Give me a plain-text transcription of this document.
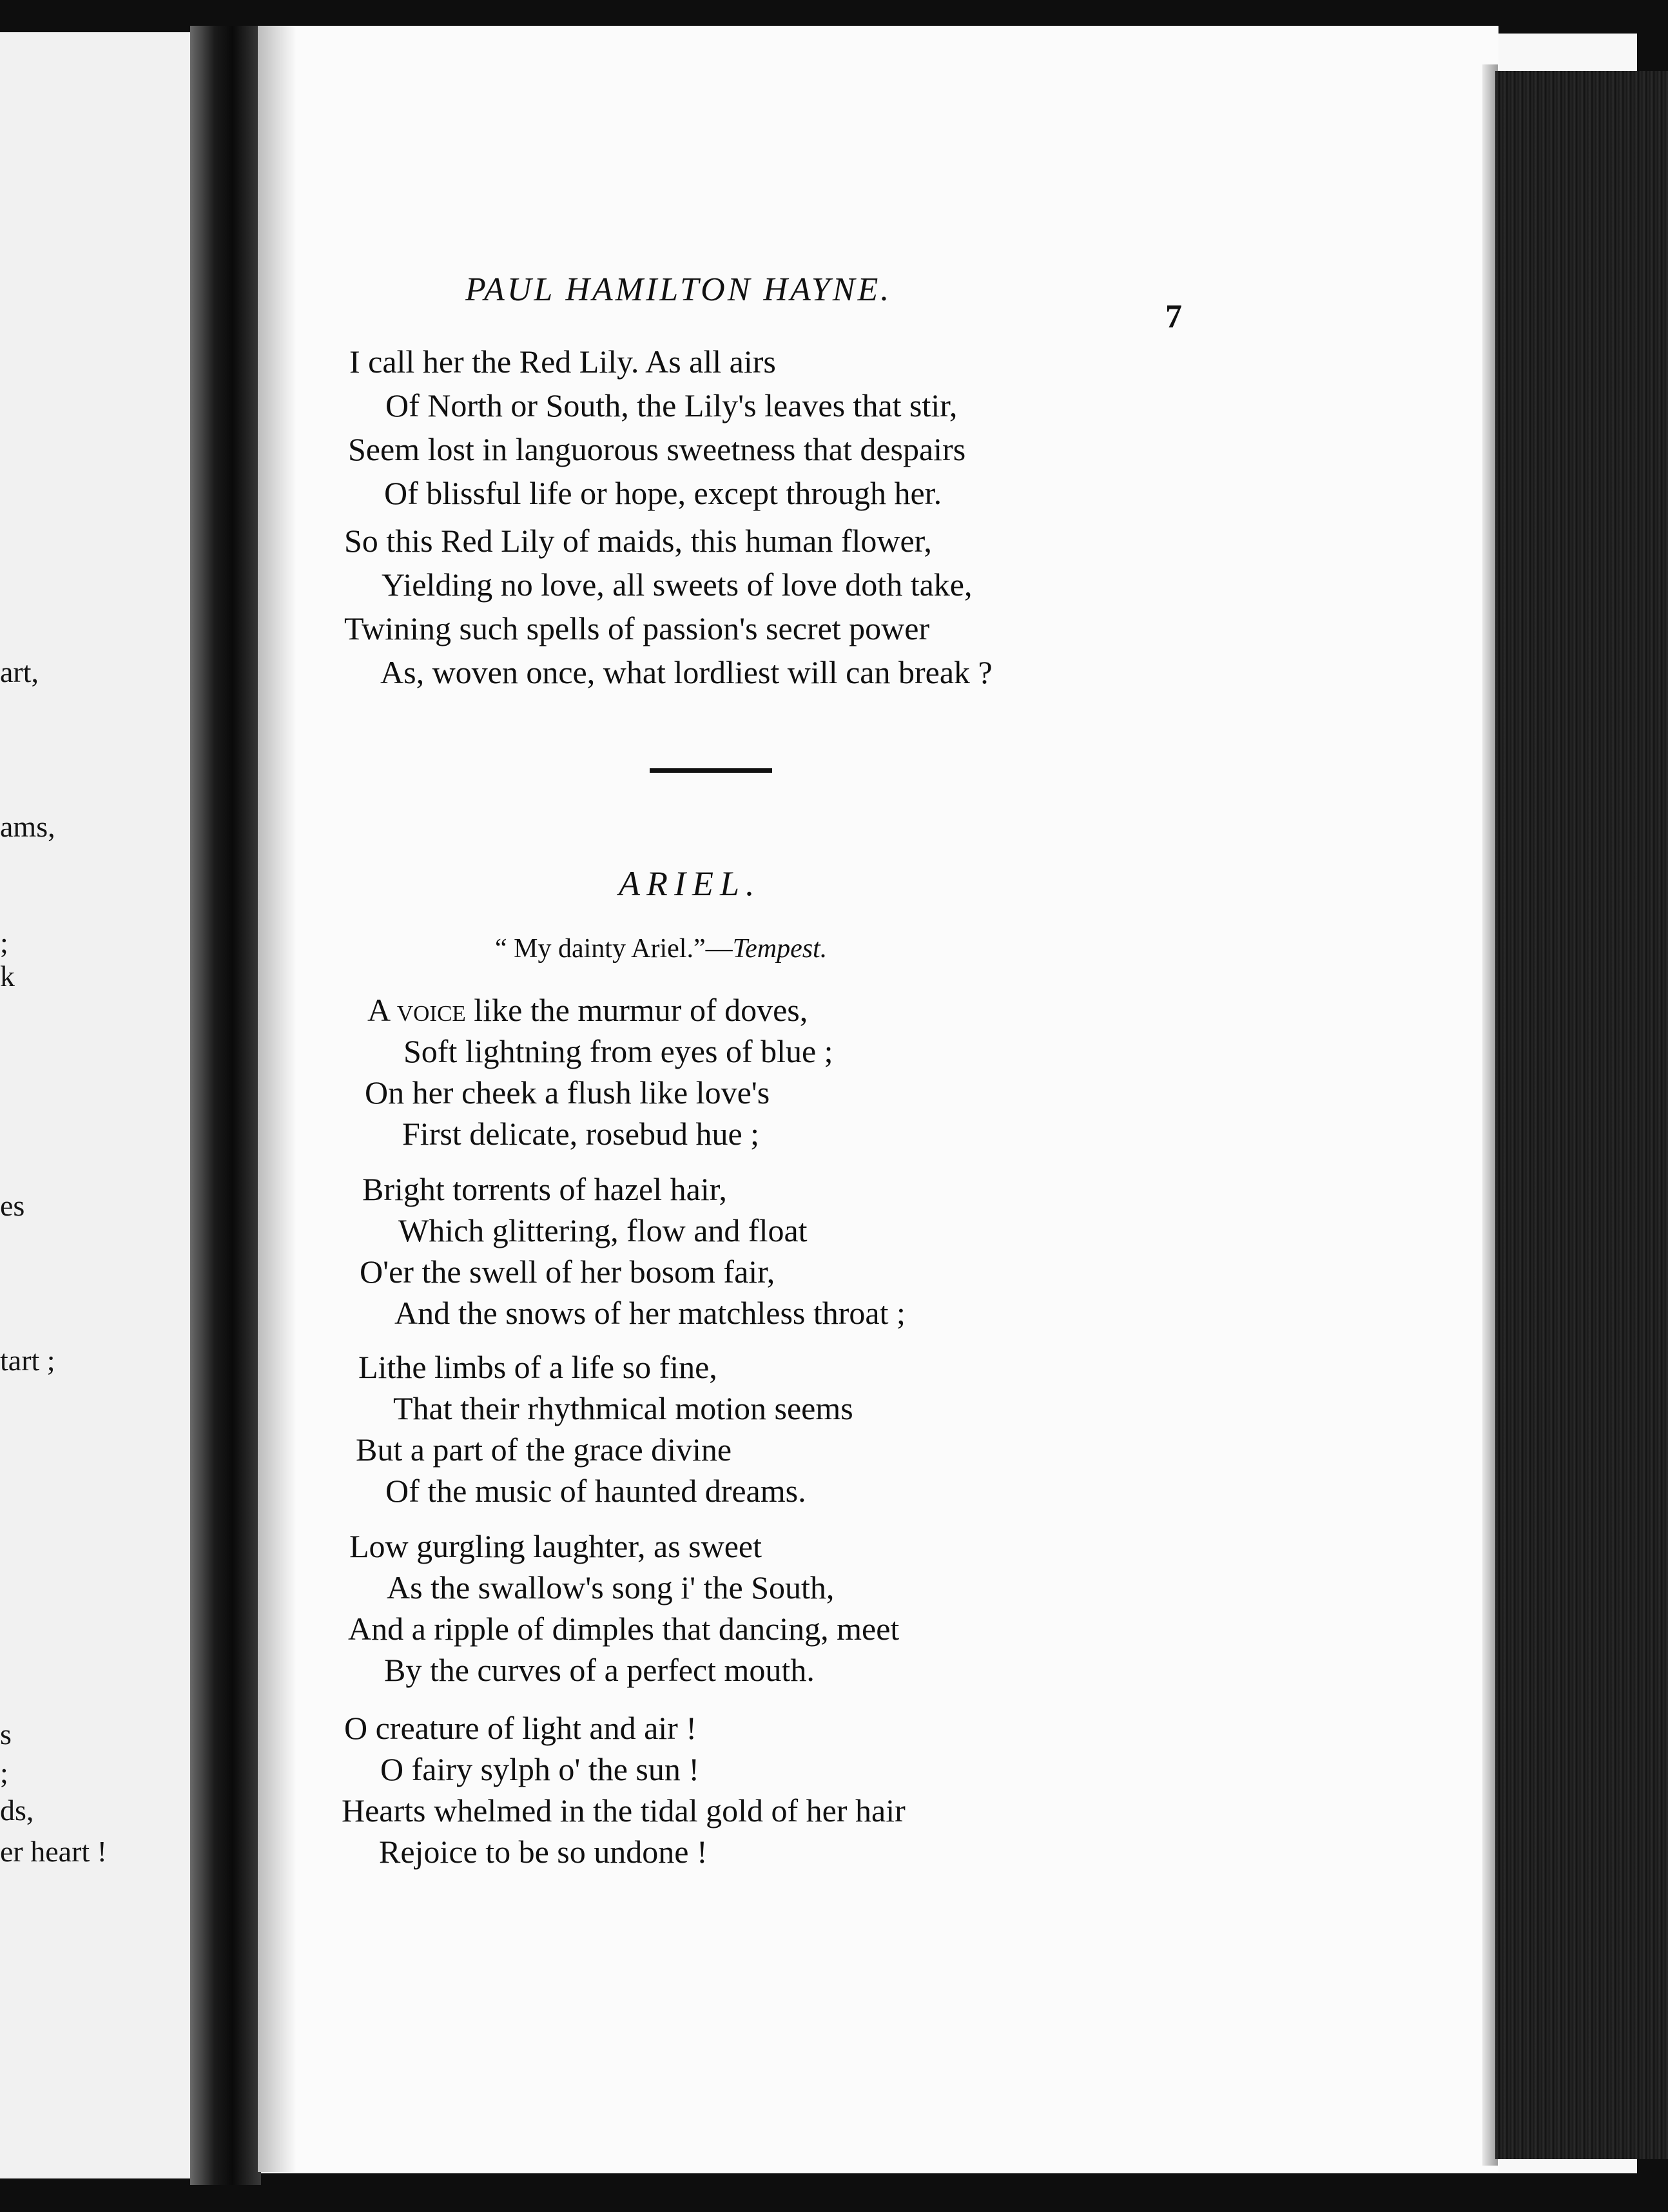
art,
ams,
;
k
es
tart ;
s
;
ds,
er heart !
PAUL HAMILTON HAYNE.
7
I call her the Red Lily. As all airs
Of North or South, the Lily's leaves that stir,
Seem lost in languorous sweetness that despairs
Of blissful life or hope, except through her.
So this Red Lily of maids, this human flower,
Yielding no love, all sweets of love doth take,
Twining such spells of passion's secret power
As, woven once, what lordliest will can break ?
ARIEL.
“ My dainty Ariel.”—Tempest.
A voice like the murmur of doves,
Soft lightning from eyes of blue ;
On her cheek a flush like love's
First delicate, rosebud hue ;
Bright torrents of hazel hair,
Which glittering, flow and float
O'er the swell of her bosom fair,
And the snows of her matchless throat ;
Lithe limbs of a life so fine,
That their rhythmical motion seems
But a part of the grace divine
Of the music of haunted dreams.
Low gurgling laughter, as sweet
As the swallow's song i' the South,
And a ripple of dimples that dancing, meet
By the curves of a perfect mouth.
O creature of light and air !
O fairy sylph o' the sun !
Hearts whelmed in the tidal gold of her hair
Rejoice to be so undone !
